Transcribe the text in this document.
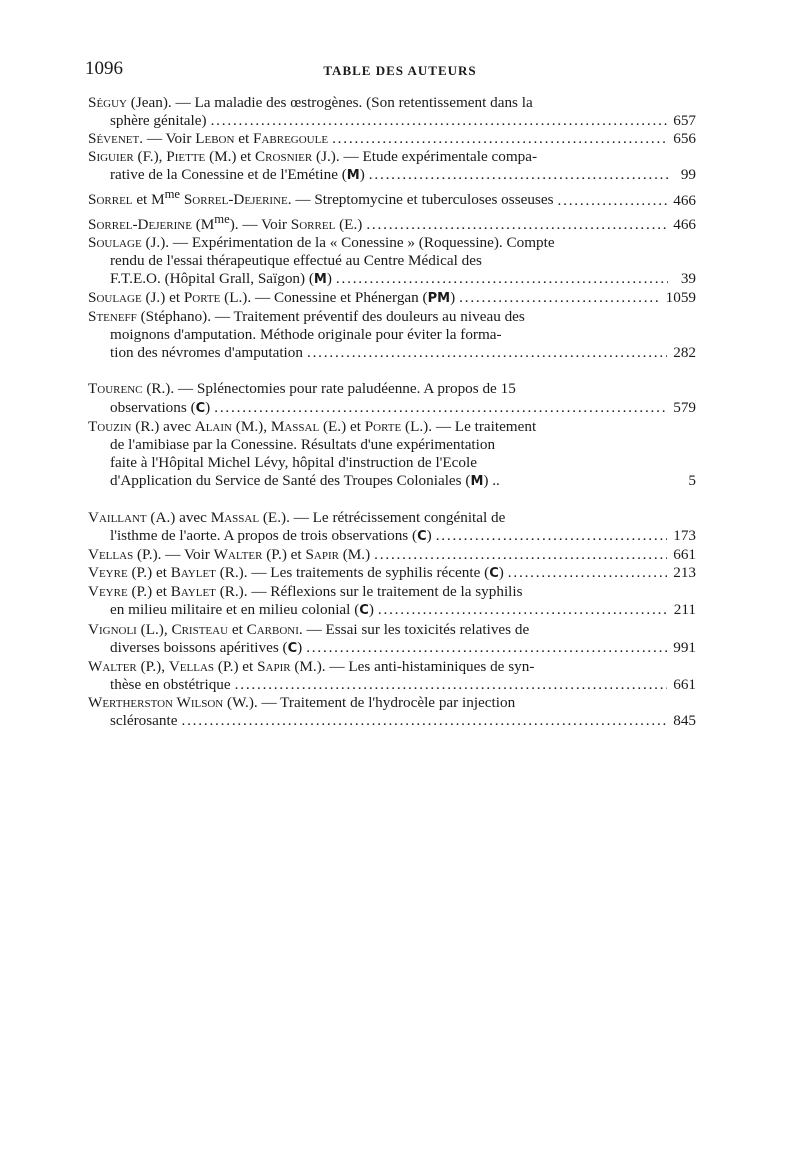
1096	TABLE DES AUTEURS
Séguy (Jean). — La maladie des œstrogènes. (Son retentissement dans la
sphère génitale) . . .	657
Sévenet. — Voir Lebon et Fabregoule . . .	656
Siguier (F.), Piette (M.) et Crosnier (J.). — Etude expérimentale compa-
rative de la Conessine et de l'Emétine (M) . . .	99
Sorrel et $M^{me}$ Sorrel-Dejerine. — Streptomycine et tuberculoses osseuses . . .	466
Sorrel-Dejerine $(M^{me})$. — Voir Sorrel (E.) . . .	466
Soulage (J.). — Expérimentation de la « Conessine » (Roquessine). Compte
rendu de l'essai thérapeutique effectué au Centre Médical des
F.T.E.O. (Hôpital Grall, Saïgon) (M) . . .	39
Soulage (J.) et Porte (L.). — Conessine et Phénergan (PM) . . .	1059
Steneff (Stéphano). — Traitement préventif des douleurs au niveau des
moignons d'amputation. Méthode originale pour éviter la forma-
tion des névromes d'amputation . . .	282
Tourenc (R.). — Splénectomies pour rate paludéenne. A propos de 15
observations (C) . . .	579
Touzin (R.) avec Alain (M.), Massal (E.) et Porte (L.). — Le traitement
de l'amibiase par la Conessine. Résultats d'une expérimentation
faite à l'Hôpital Michel Lévy, hôpital d'instruction de l'Ecole
d'Application du Service de Santé des Troupes Coloniales (M) ..	5
Vaillant (A.) avec Massal (E.). — Le rétrécissement congénital de
l'isthme de l'aorte. A propos de trois observations (C) . . .	173
Vellas (P.). — Voir Walter (P.) et Sapir (M.) . . .	661
Veyre (P.) et Baylet (R.). — Les traitements de syphilis récente (C) . . .	213
Veyre (P.) et Baylet (R.). — Réflexions sur le traitement de la syphilis
en milieu militaire et en milieu colonial (C) . . .	211
Vignoli (L.), Cristeau et Carboni. — Essai sur les toxicités relatives de
diverses boissons apéritives (C) . . .	991
Walter (P.), Vellas (P.) et Sapir (M.). — Les anti-histaminiques de syn-
thèse en obstétrique . . .	661
Wertherston Wilson (W.). — Traitement de l'hydrocèle par injection
sclérosante . . .	845
